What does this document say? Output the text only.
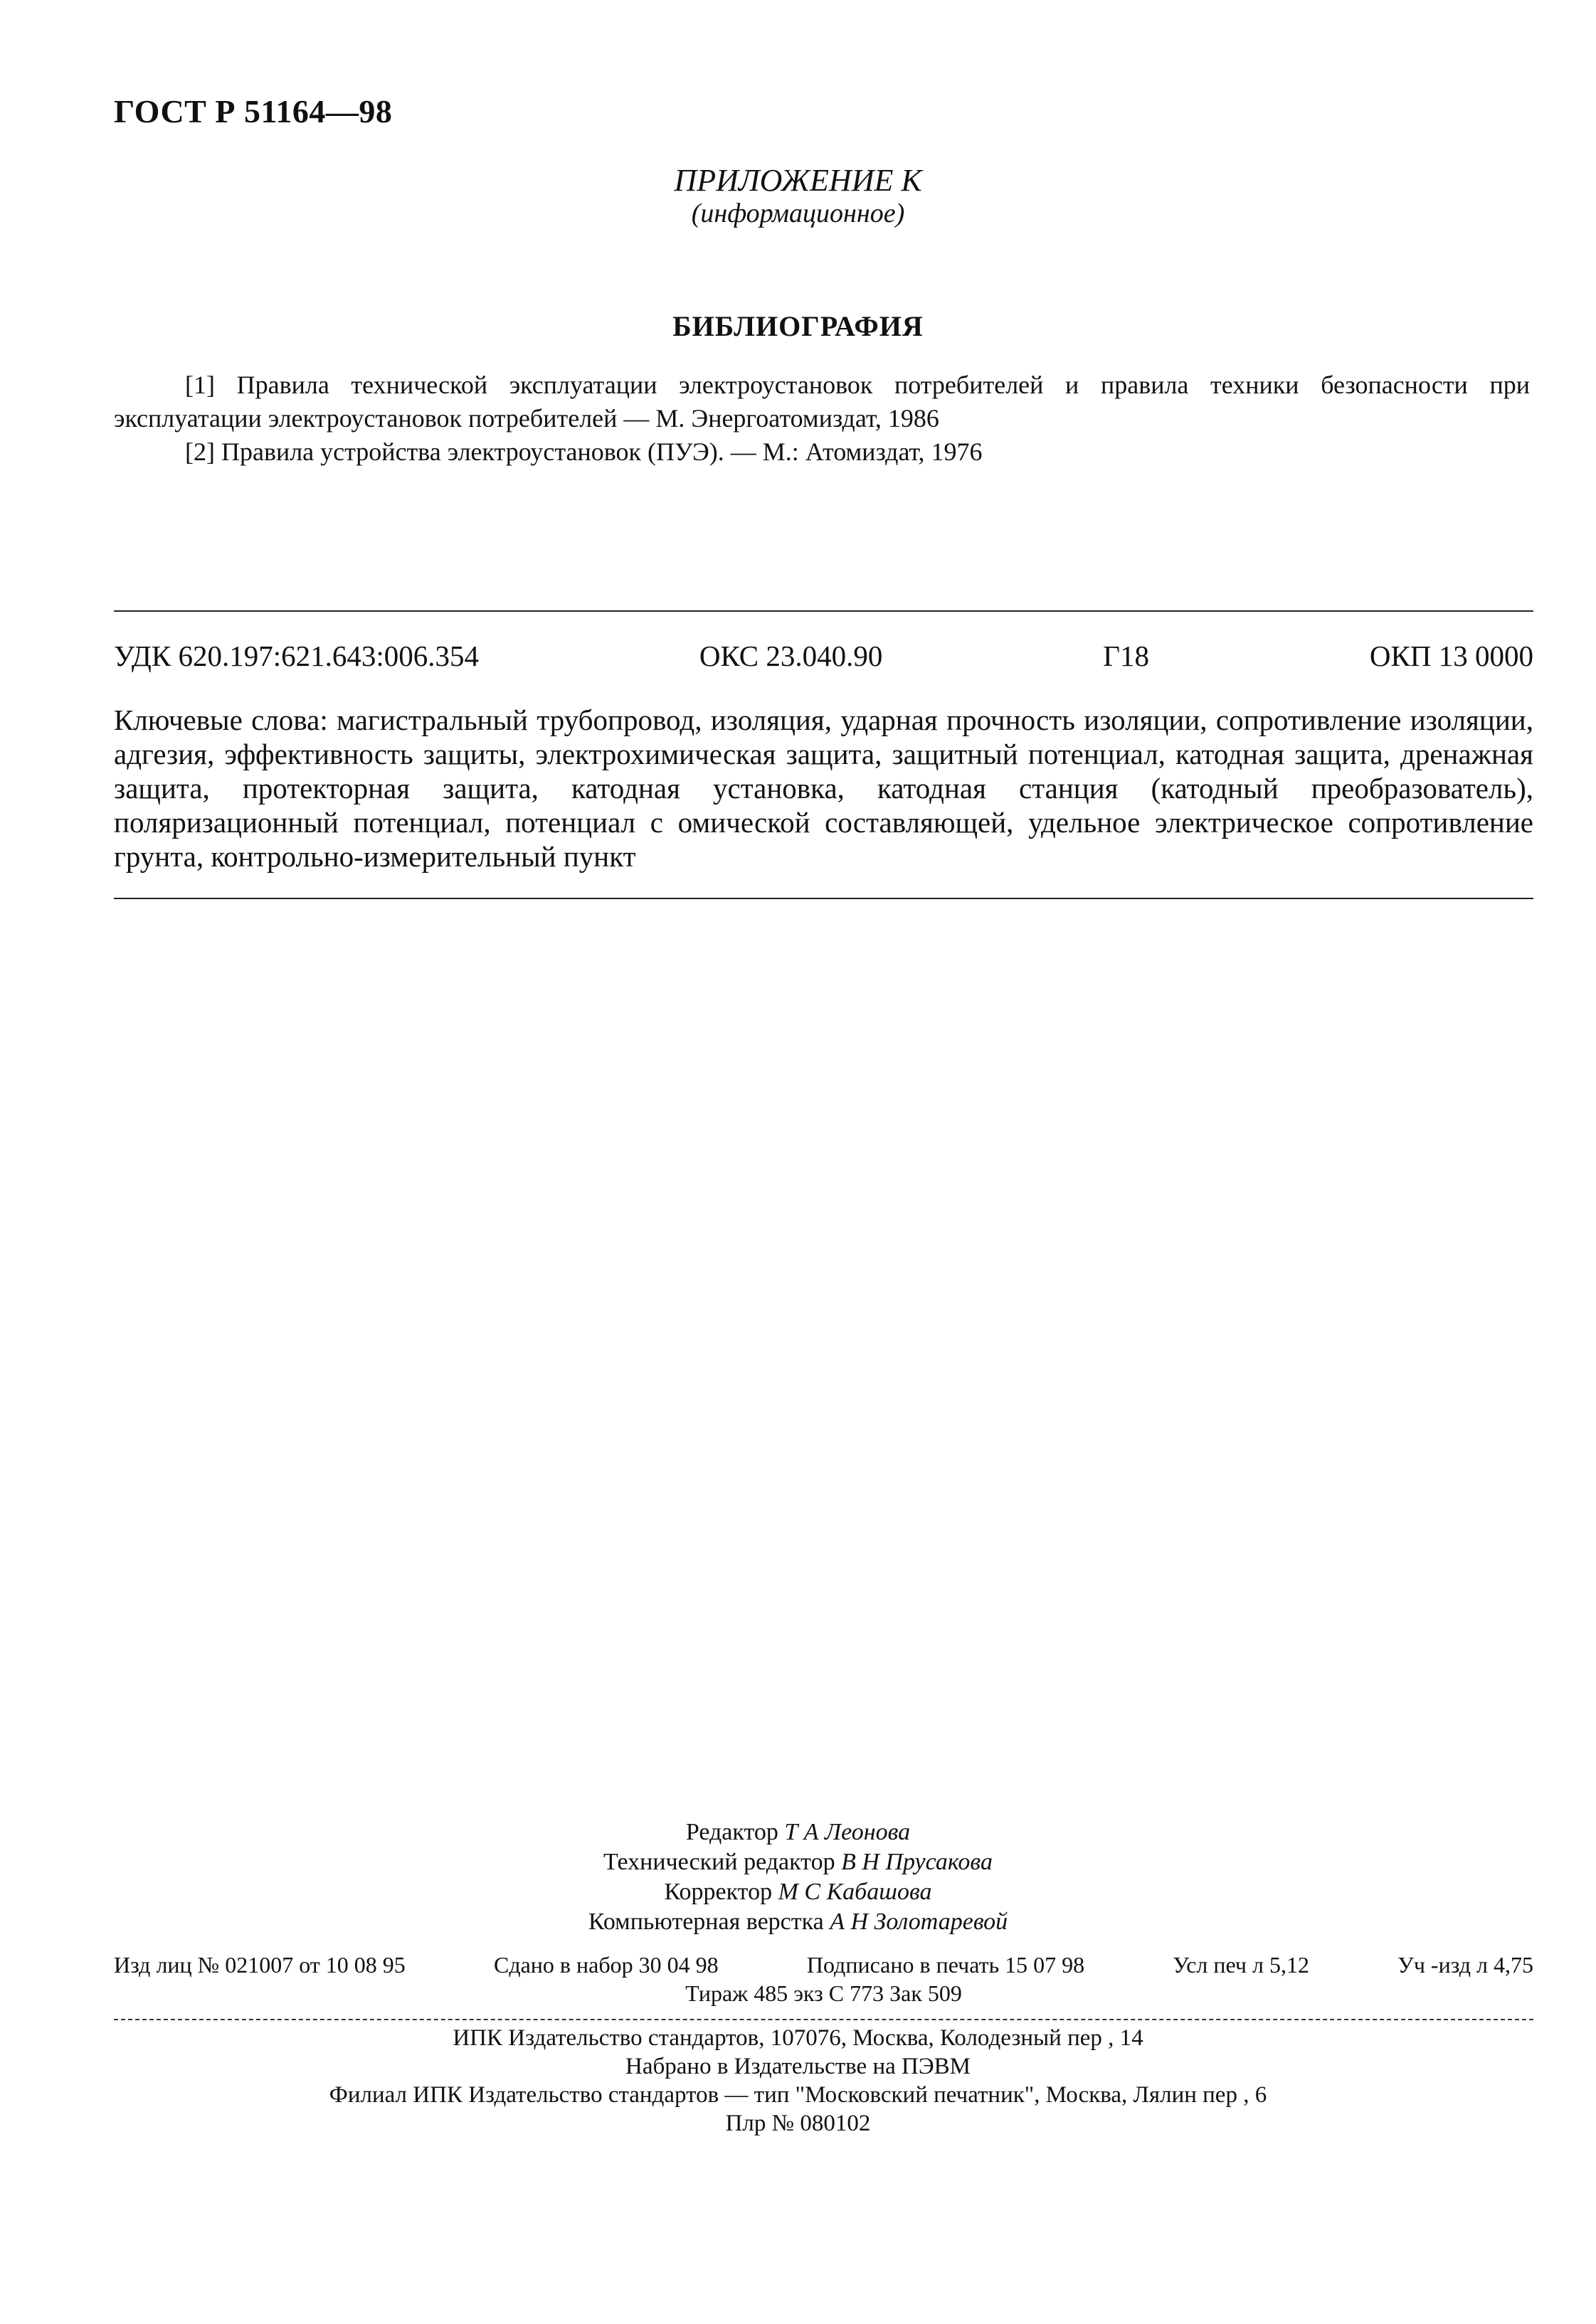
ГОСТ Р 51164—98
ПРИЛОЖЕНИЕ К
(информационное)
БИБЛИОГРАФИЯ

[1] Правила технической эксплуатации электроустановок потребителей и правила техники безопасности при эксплуатации электроустановок потребителей — М. Энергоатомиздат, 1986

[2] Правила устройства электроустановок (ПУЭ). — М.: Атомиздат, 1976

УДК 620.197:621.643:006.354	ОКС 23.040.90	Г18	ОКП 13 0000
Ключевые слова: магистральный трубопровод, изоляция, ударная прочность изоляции, сопротивление изоляции, адгезия, эффективность защиты, электрохимическая защита, защитный потенциал, катодная защита, дренажная защита, протекторная защита, катодная установка, катодная станция (катодный преобразователь), поляризационный потенциал, потенциал с омической составляющей, удельное электрическое сопротивление грунта, контрольно-измерительный пункт
Редактор Т А Леонова
Технический редактор В Н Прусакова
Корректор М С Кабашова
Компьютерная верстка А Н Золотаревой
Изд лиц № 021007 от 10 08 95	Сдано в набор 30 04 98	Подписано в печать 15 07 98	Усл печ л 5,12	Уч -изд л 4,75
Тираж 485 экз С 773 Зак 509
ИПК Издательство стандартов, 107076, Москва, Колодезный пер , 14
Набрано в Издательстве на ПЭВМ
Филиал ИПК Издательство стандартов — тип "Московский печатник", Москва, Лялин пер , 6
Плр № 080102
